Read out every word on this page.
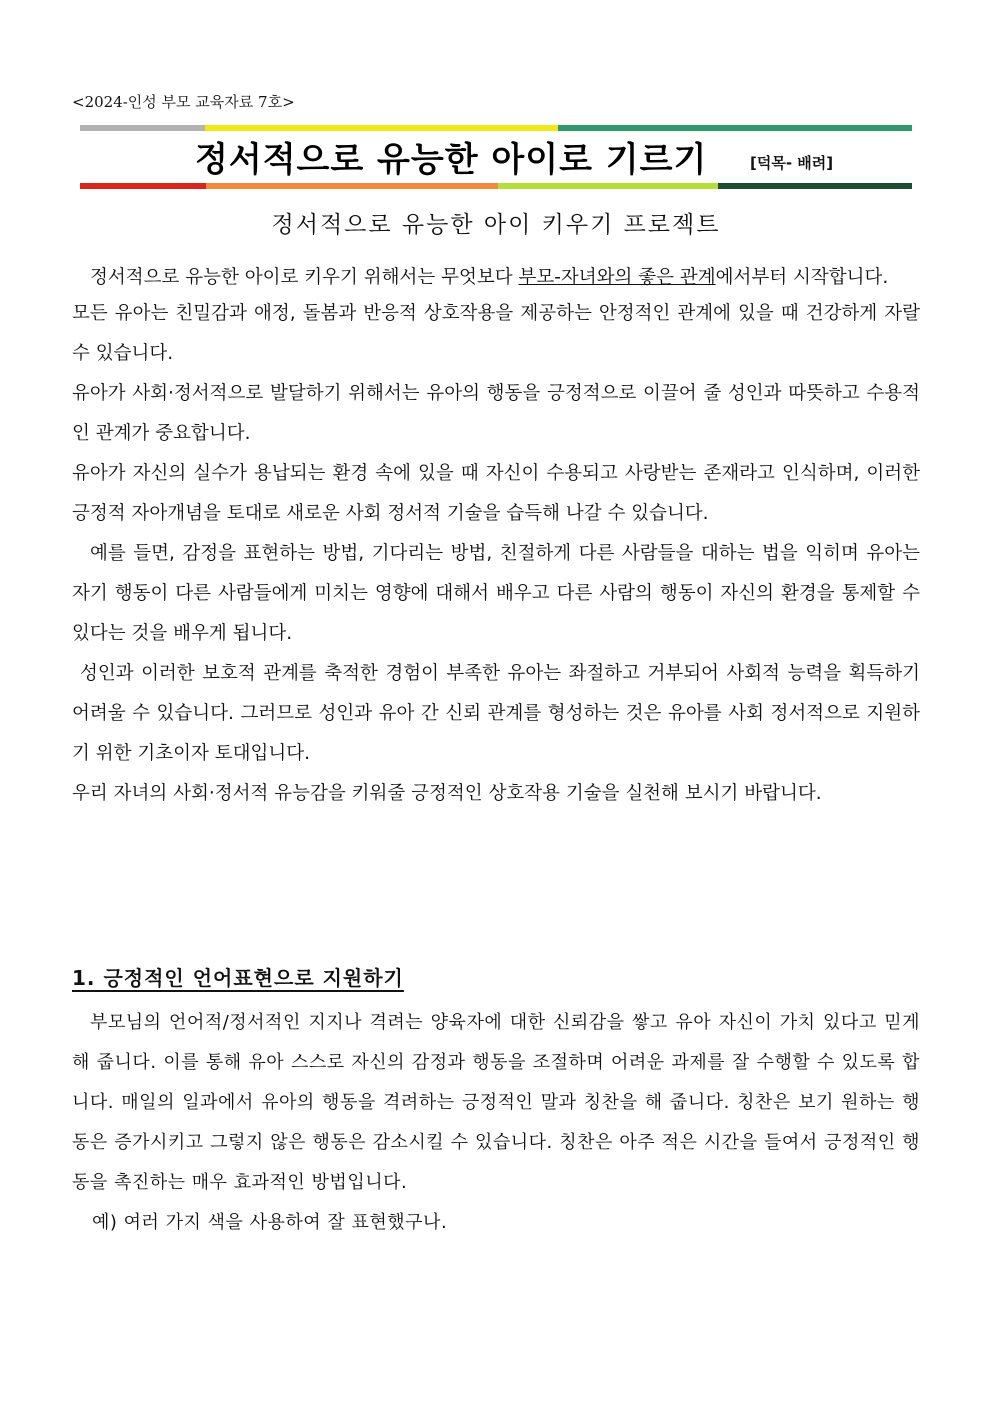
<2024-인성 부모 교육자료 7호>
정서적으로 유능한 아이로 기르기	[덕목- 배려]
정서적으로 유능한 아이 키우기 프로젝트

정서적으로 유능한 아이로 키우기 위해서는 무엇보다 부모-자녀와의 좋은 관계에서부터 시작합니다.

모든 유아는 친밀감과 애정, 돌봄과 반응적 상호작용을 제공하는 안정적인 관계에 있을 때 건강하게 자랄 수 있습니다.

유아가 사회·정서적으로 발달하기 위해서는 유아의 행동을 긍정적으로 이끌어 줄 성인과 따뜻하고 수용적인 관계가 중요합니다.

유아가 자신의 실수가 용납되는 환경 속에 있을 때 자신이 수용되고 사랑받는 존재라고 인식하며, 이러한 긍정적 자아개념을 토대로 새로운 사회 정서적 기술을 습득해 나갈 수 있습니다.

예를 들면, 감정을 표현하는 방법, 기다리는 방법, 친절하게 다른 사람들을 대하는 법을 익히며 유아는 자기 행동이 다른 사람들에게 미치는 영향에 대해서 배우고 다른 사람의 행동이 자신의 환경을 통제할 수 있다는 것을 배우게 됩니다.

성인과 이러한 보호적 관계를 축적한 경험이 부족한 유아는 좌절하고 거부되어 사회적 능력을 획득하기 어려울 수 있습니다. 그러므로 성인과 유아 간 신뢰 관계를 형성하는 것은 유아를 사회 정서적으로 지원하기 위한 기초이자 토대입니다.

우리 자녀의 사회·정서적 유능감을 키워줄 긍정적인 상호작용 기술을 실천해 보시기 바랍니다.

1. 긍정적인 언어표현으로 지원하기

부모님의 언어적/정서적인 지지나 격려는 양육자에 대한 신뢰감을 쌓고 유아 자신이 가치 있다고 믿게 해 줍니다. 이를 통해 유아 스스로 자신의 감정과 행동을 조절하며 어려운 과제를 잘 수행할 수 있도록 합니다. 매일의 일과에서 유아의 행동을 격려하는 긍정적인 말과 칭찬을 해 줍니다. 칭찬은 보기 원하는 행동은 증가시키고 그렇지 않은 행동은 감소시킬 수 있습니다. 칭찬은 아주 적은 시간을 들여서 긍정적인 행동을 촉진하는 매우 효과적인 방법입니다.

예) 여러 가지 색을 사용하여 잘 표현했구나.
